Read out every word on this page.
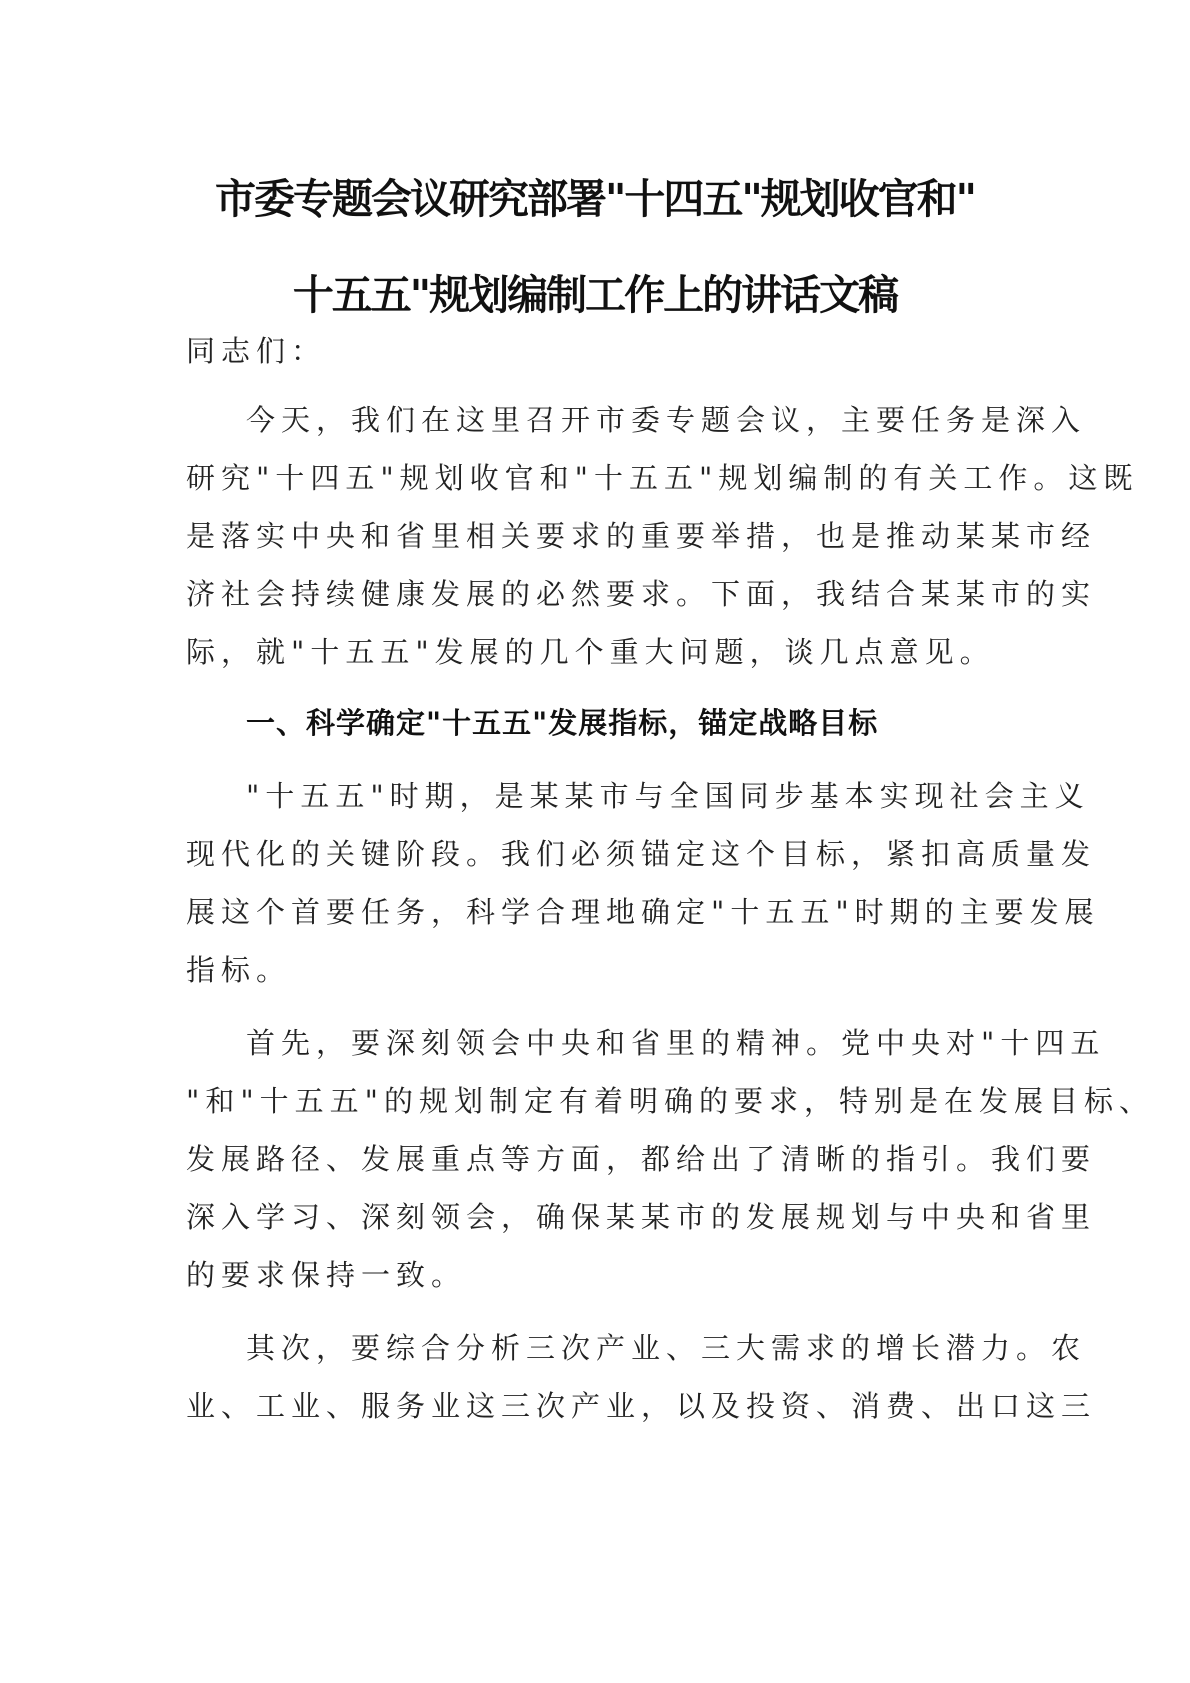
市委专题会议研究部署"十四五"规划收官和"
十五五"规划编制工作上的讲话文稿
同志们：
今天，我们在这里召开市委专题会议，主要任务是深入
研究"十四五"规划收官和"十五五"规划编制的有关工作。这既
是落实中央和省里相关要求的重要举措，也是推动某某市经
济社会持续健康发展的必然要求。下面，我结合某某市的实
际，就"十五五"发展的几个重大问题，谈几点意见。
一、科学确定"十五五"发展指标，锚定战略目标
"十五五"时期，是某某市与全国同步基本实现社会主义
现代化的关键阶段。我们必须锚定这个目标，紧扣高质量发
展这个首要任务，科学合理地确定"十五五"时期的主要发展
指标。
首先，要深刻领会中央和省里的精神。党中央对"十四五
"和"十五五"的规划制定有着明确的要求，特别是在发展目标、
发展路径、发展重点等方面，都给出了清晰的指引。我们要
深入学习、深刻领会，确保某某市的发展规划与中央和省里
的要求保持一致。
其次，要综合分析三次产业、三大需求的增长潜力。农
业、工业、服务业这三次产业，以及投资、消费、出口这三
